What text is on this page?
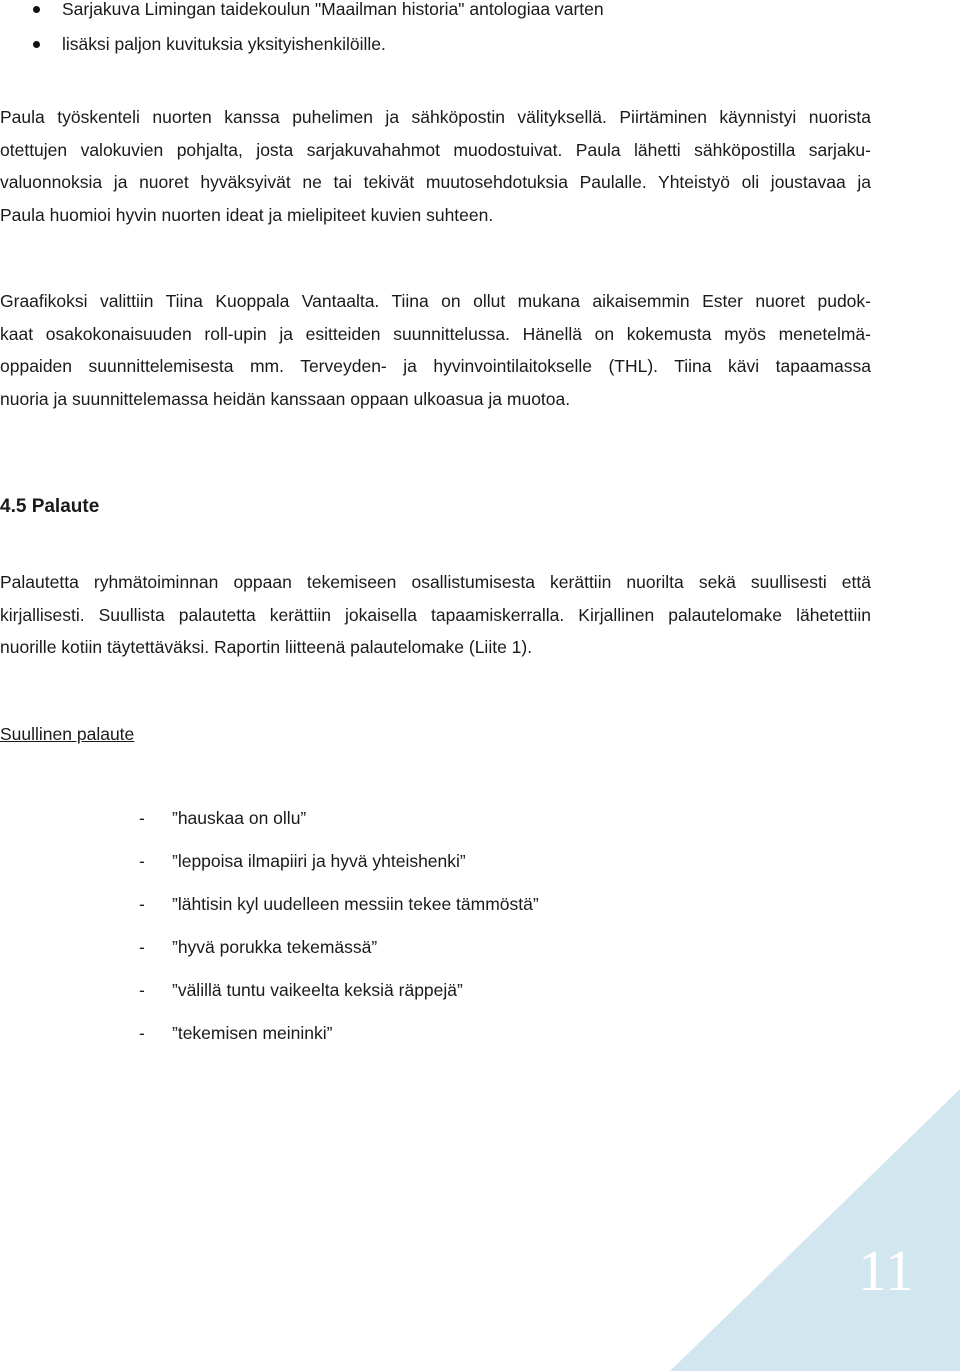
Sarjakuva Limingan taidekoulun "Maailman historia" antologiaa varten
lisäksi paljon kuvituksia yksityishenkilöille.

Paula työskenteli nuorten kanssa puhelimen ja sähköpostin välityksellä. Piirtäminen käynnistyi nuorista
otettujen valokuvien pohjalta, josta sarjakuvahahmot muodostuivat. Paula lähetti sähköpostilla sarjaku-
valuonnoksia ja nuoret hyväksyivät ne tai tekivät muutosehdotuksia Paulalle. Yhteistyö oli joustavaa ja
Paula huomioi hyvin nuorten ideat ja mielipiteet kuvien suhteen.

Graafikoksi valittiin Tiina Kuoppala Vantaalta. Tiina on ollut mukana aikaisemmin Ester nuoret pudok-
kaat osakokonaisuuden roll-upin ja esitteiden suunnittelussa. Hänellä on kokemusta myös menetelmä-
oppaiden suunnittelemisesta mm. Terveyden- ja hyvinvointilaitokselle (THL). Tiina kävi tapaamassa
nuoria ja suunnittelemassa heidän kanssaan oppaan ulkoasua ja muotoa.

4.5 Palaute

Palautetta ryhmätoiminnan oppaan tekemiseen osallistumisesta kerättiin nuorilta sekä suullisesti että
kirjallisesti. Suullista palautetta kerättiin jokaisella tapaamiskerralla. Kirjallinen palautelomake lähetettiin
nuorille kotiin täytettäväksi. Raportin liitteenä palautelomake (Liite 1).

Suullinen palaute

- ”hauskaa on ollu”
- ”leppoisa ilmapiiri ja hyvä yhteishenki”
- ”lähtisin kyl uudelleen messiin tekee tämmöstä”
- ”hyvä porukka tekemässä”
- ”välillä tuntu vaikeelta keksiä räppejä”
- ”tekemisen meininki”
11
